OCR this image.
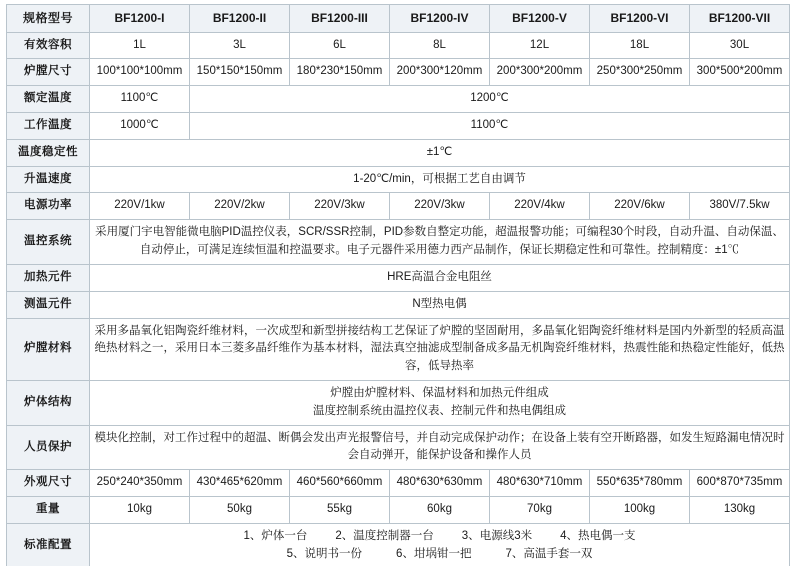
规格型号	BF1200-I	BF1200-II	BF1200-III	BF1200-IV	BF1200-V	BF1200-VI	BF1200-VII
有效容积	1L	3L	6L	8L	12L	18L	30L
炉膛尺寸	100*100*100mm	150*150*150mm	180*230*150mm	200*300*120mm	200*300*200mm	250*300*250mm	300*500*200mm
额定温度	1100℃	1200℃					
工作温度	1000℃	1100℃					
温度稳定性	±1℃						
升温速度	1-20℃/min，可根据工艺自由调节						
电源功率	220V/1kw	220V/2kw	220V/3kw	220V/3kw	220V/4kw	220V/6kw	380V/7.5kw
温控系统	采用厦门宇电智能微电脑PID温控仪表，SCR/SSR控制，PID参数自整定功能，超温报警功能；可编程30个时段，自动升温、自动保温、自动停止，可满足连续恒温和控温要求。电子元器件采用德力西产品制作，保证长期稳定性和可靠性。控制精度：±1℃						
加热元件	HRE高温合金电阻丝						
测温元件	N型热电偶						
炉膛材料	采用多晶氧化铝陶瓷纤维材料，一次成型和新型拼接结构工艺保证了炉膛的坚固耐用，多晶氧化铝陶瓷纤维材料是国内外新型的轻质高温绝热材料之一，采用日本三菱多晶纤维作为基本材料，湿法真空抽滤成型制备成多晶无机陶瓷纤维材料，热震性能和热稳定性能好，低热容，低导热率						
炉体结构	炉膛由炉膛材料、保温材料和加热元件组成
温度控制系统由温控仪表、控制元件和热电偶组成						

人员保护	模块化控制，对工作过程中的超温、断偶会发出声光报警信号，并自动完成保护动作；在设备上装有空开断路器，如发生短路漏电情况时会自动弹开，能保护设备和操作人员						
外观尺寸	250*240*350mm	430*465*620mm	460*560*660mm	480*630*630mm	480*630*710mm	550*635*780mm	600*870*735mm
重量	10kg	50kg	55kg	60kg	70kg	100kg	130kg
标准配置	1、炉体一台 2、温度控制器一台 3、电源线3米 4、热电偶一支
5、说明书一份 6、坩埚钳一把 7、高温手套一双						
